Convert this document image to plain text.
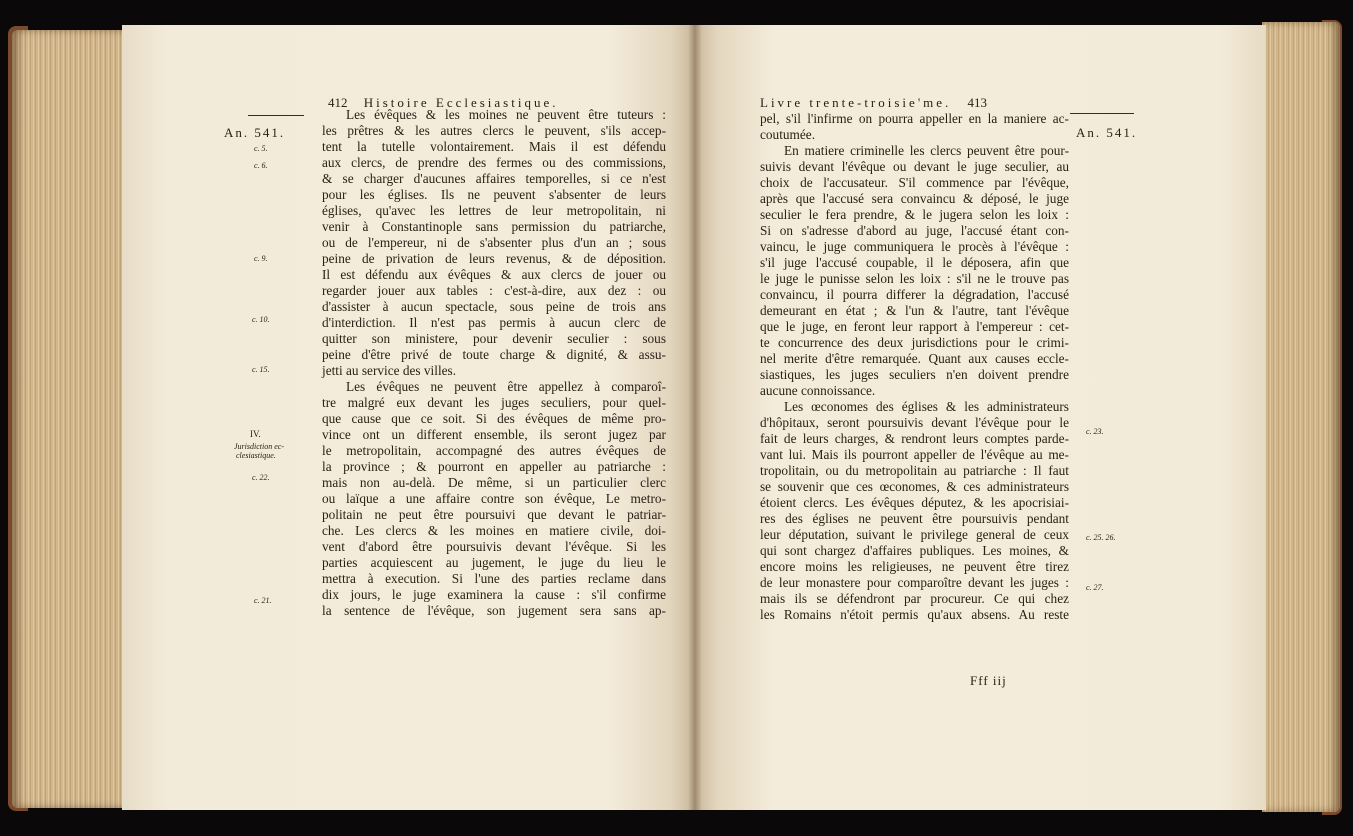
412 Histoire Ecclesiastique.
An. 541.
c. 5.
c. 6.
c. 9.
c. 10.
c. 15.
IV.
Jurisdiction ec-
clesiastique.
c. 22.
c. 21.
Les évêques & les moines ne peuvent être tuteurs :
les prêtres & les autres clercs le peuvent, s'ils accep-
tent la tutelle volontairement. Mais il est défendu
aux clercs, de prendre des fermes ou des commissions,
& se charger d'aucunes affaires temporelles, si ce n'est
pour les églises. Ils ne peuvent s'absenter de leurs
églises, qu'avec les lettres de leur metropolitain, ni
venir à Constantinople sans permission du patriarche,
ou de l'empereur, ni de s'absenter plus d'un an ; sous
peine de privation de leurs revenus, & de déposition.
Il est défendu aux évêques & aux clercs de jouer ou
regarder jouer aux tables : c'est-à-dire, aux dez : ou
d'assister à aucun spectacle, sous peine de trois ans
d'interdiction. Il n'est pas permis à aucun clerc de
quitter son ministere, pour devenir seculier : sous
peine d'être privé de toute charge & dignité, & assu-
jetti au service des villes.
Les évêques ne peuvent être appellez à comparoî-
tre malgré eux devant les juges seculiers, pour quel-
que cause que ce soit. Si des évêques de même pro-
vince ont un different ensemble, ils seront jugez par
le metropolitain, accompagné des autres évêques de
la province ; & pourront en appeller au patriarche :
mais non au-delà. De même, si un particulier clerc
ou laïque a une affaire contre son évêque, Le metro-
politain ne peut être poursuivi que devant le patriar-
che. Les clercs & les moines en matiere civile, doi-
vent d'abord être poursuivis devant l'évêque. Si les
parties acquiescent au jugement, le juge du lieu le
mettra à execution. Si l'une des parties reclame dans
dix jours, le juge examinera la cause : s'il confirme
la sentence de l'évêque, son jugement sera sans ap-
Livre trente-troisie'me. 413
An. 541.
c. 23.
c. 25. 26.
c. 27.
pel, s'il l'infirme on pourra appeller en la maniere ac-
coutumée.
En matiere criminelle les clercs peuvent être pour-
suivis devant l'évêque ou devant le juge seculier, au
choix de l'accusateur. S'il commence par l'évêque,
après que l'accusé sera convaincu & déposé, le juge
seculier le fera prendre, & le jugera selon les loix :
Si on s'adresse d'abord au juge, l'accusé étant con-
vaincu, le juge communiquera le procès à l'évêque :
s'il juge l'accusé coupable, il le déposera, afin que
le juge le punisse selon les loix : s'il ne le trouve pas
convaincu, il pourra differer la dégradation, l'accusé
demeurant en état ; & l'un & l'autre, tant l'évêque
que le juge, en feront leur rapport à l'empereur : cet-
te concurrence des deux jurisdictions pour le crimi-
nel merite d'être remarquée. Quant aux causes eccle-
siastiques, les juges seculiers n'en doivent prendre
aucune connoissance.
Les œconomes des églises & les administrateurs
d'hôpitaux, seront poursuivis devant l'évêque pour le
fait de leurs charges, & rendront leurs comptes parde-
vant lui. Mais ils pourront appeller de l'évêque au me-
tropolitain, ou du metropolitain au patriarche : Il faut
se souvenir que ces œconomes, & ces administrateurs
étoient clercs. Les évêques députez, & les apocrisiai-
res des églises ne peuvent être poursuivis pendant
leur députation, suivant le privilege general de ceux
qui sont chargez d'affaires publiques. Les moines, &
encore moins les religieuses, ne peuvent être tirez
de leur monastere pour comparoître devant les juges :
mais ils se défendront par procureur. Ce qui chez
les Romains n'étoit permis qu'aux absens. Au reste
Fff iij
